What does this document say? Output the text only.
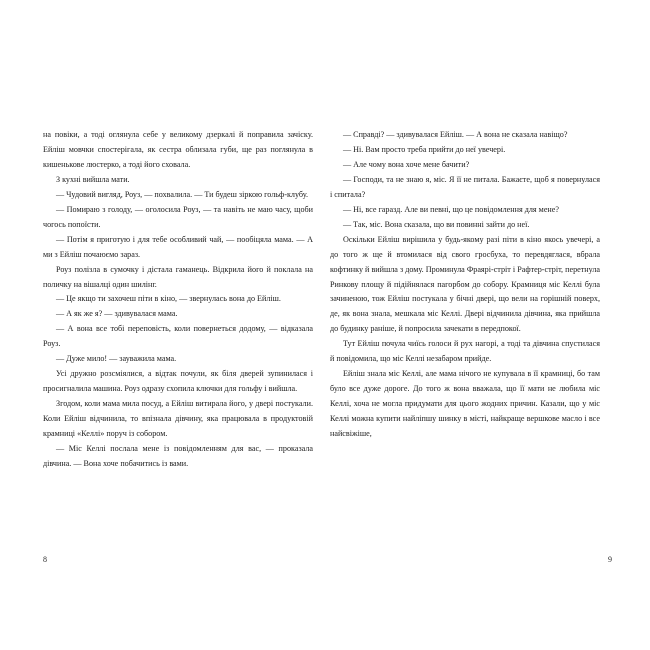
на повіки, а тоді оглянула себе у великому дзеркалі й поправила зачіску. Ейліш мовчки спостерігала, як сестра облизала губи, ще раз поглянула в кишенькове люстерко, а тоді його сховала.

З кухні вийшла мати.

— Чудовий вигляд, Роуз, — похвалила. — Ти будеш зіркою гольф-клубу.

— Помираю з голоду, — оголосила Роуз, — та навіть не маю часу, щоби чогось попоїсти.

— Потім я приготую і для тебе особливий чай, — пообіцяла мама. — А ми з Ейліш почаюємо зараз.

Роуз полізла в сумочку і дістала гаманець. Відкрила його й поклала на поличку на вішалці один шилінг.

— Це якщо ти захочеш піти в кіно, — звернулась вона до Ейліш.

— А як же я? — здивувалася мама.

— А вона все тобі переповість, коли повернеться додому, — відказала Роуз.

— Дуже мило! — зауважила мама.

Усі дружно розсміялися, а відтак почули, як біля дверей зупинилася і просигналила машина. Роуз одразу схопила ключки для гольфу і вийшла.

Згодом, коли мама мила посуд, а Ейліш витирала його, у двері постукали. Коли Ейліш відчинила, то впізнала дівчину, яка працювала в продуктовій крамниці «Келлі» поруч із собором.

— Міс Келлі послала мене із повідомленням для вас, — проказала дівчина. — Вона хоче побачитись із вами.

8

— Справді? — здивувалася Ейліш. — А вона не сказала навіщо?

— Ні. Вам просто треба прийти до неї увечері.

— Але чому вона хоче мене бачити?

— Господи, та не знаю я, міс. Я її не питала. Бажаєте, щоб я повернулася і спитала?

— Ні, все гаразд. Але ви певні, що це повідомлення для мене?

— Так, міс. Вона сказала, що ви повинні зайти до неї.

Оскільки Ейліш вирішила у будь-якому разі піти в кіно якось увечері, а до того ж ще й втомилася від свого гросбуха, то перевдяглася, вбрала кофтинку й вийшла з дому. Проминула Фраярі-стріт і Рафтер-стріт, перетнула Ринкову площу й підійнялася пагорбом до собору. Крамниця міс Келлі була зачиненою, тож Ейліш постукала у бічні двері, що вели на горішній поверх, де, як вона знала, мешкала міс Келлі. Двері відчинила дівчина, яка прийшла до будинку раніше, й попросила зачекати в передпокої.

Тут Ейліш почула чиїсь голоси й рух нагорі, а тоді та дівчина спустилася й повідомила, що міс Келлі незабаром прийде.

Ейліш знала міс Келлі, але мама нічого не купувала в її крамниці, бо там було все дуже дороге. До того ж вона вважала, що її мати не любила міс Келлі, хоча не могла придумати для цього жодних причин. Казали, що у міс Келлі можна купити найліпшу шинку в місті, найкраще вершкове масло і все найсвіжіше,

9
